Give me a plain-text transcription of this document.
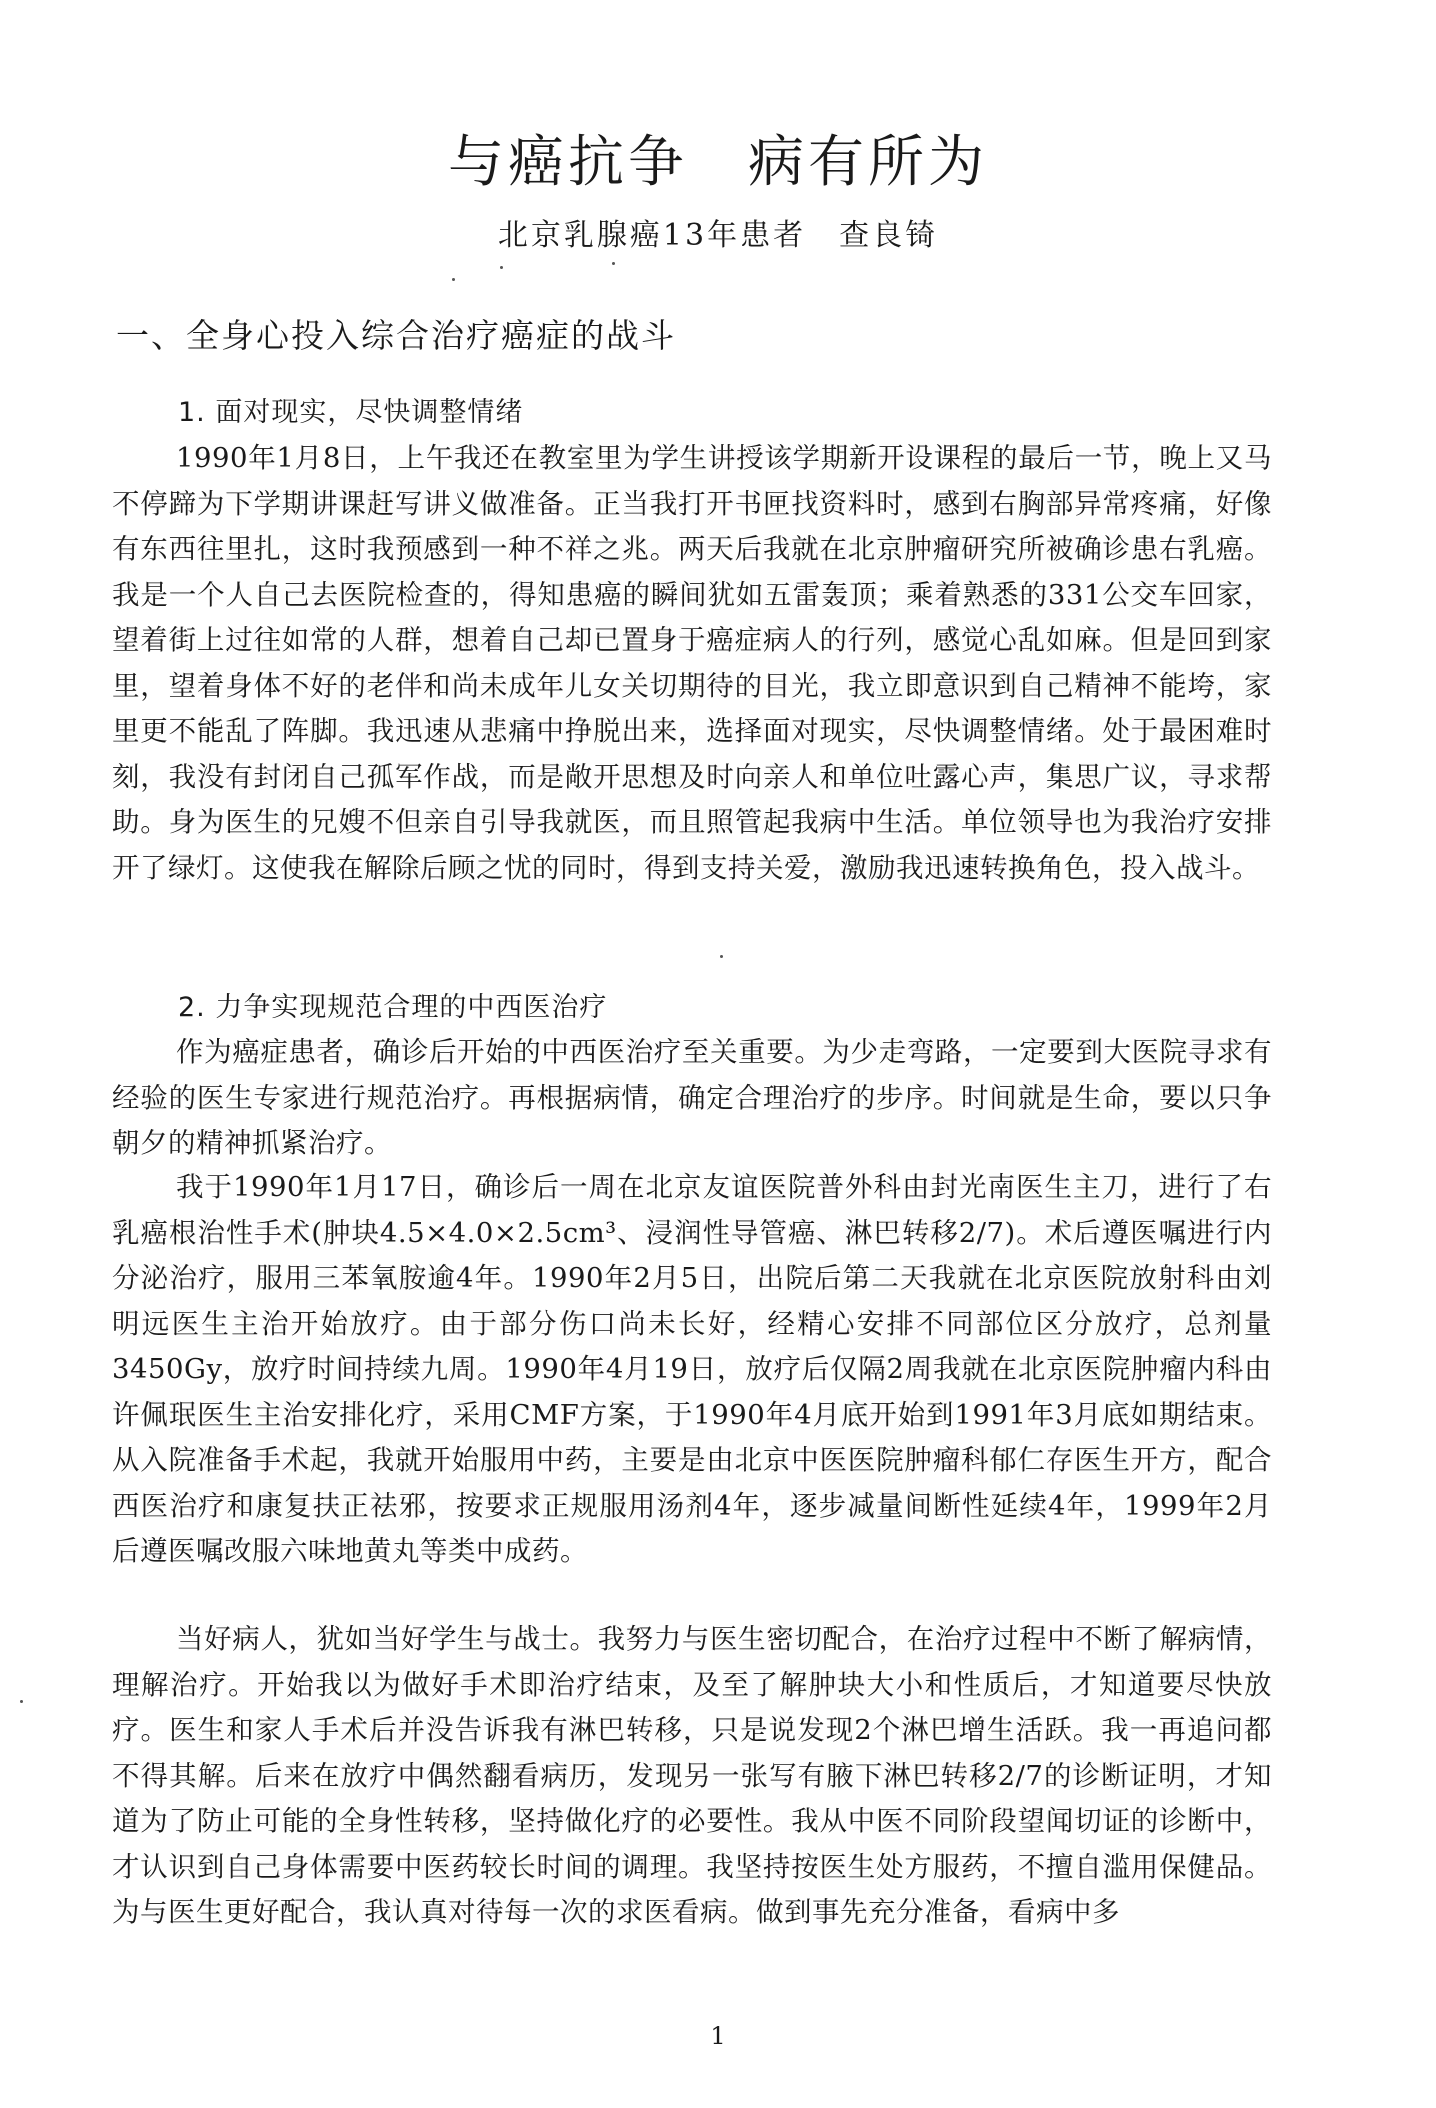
与癌抗争　病有所为
北京乳腺癌13年患者　查良锜
一、全身心投入综合治疗癌症的战斗
1. 面对现实，尽快调整情绪

1990年1月8日，上午我还在教室里为学生讲授该学期新开设课程的最后一节，晚上又马不停蹄为下学期讲课赶写讲义做准备。正当我打开书匣找资料时，感到右胸部异常疼痛，好像有东西往里扎，这时我预感到一种不祥之兆。两天后我就在北京肿瘤研究所被确诊患右乳癌。我是一个人自己去医院检查的，得知患癌的瞬间犹如五雷轰顶；乘着熟悉的331公交车回家，望着街上过往如常的人群，想着自己却已置身于癌症病人的行列，感觉心乱如麻。但是回到家里，望着身体不好的老伴和尚未成年儿女关切期待的目光，我立即意识到自己精神不能垮，家里更不能乱了阵脚。我迅速从悲痛中挣脱出来，选择面对现实，尽快调整情绪。处于最困难时刻，我没有封闭自己孤军作战，而是敞开思想及时向亲人和单位吐露心声，集思广议，寻求帮助。身为医生的兄嫂不但亲自引导我就医，而且照管起我病中生活。单位领导也为我治疗安排开了绿灯。这使我在解除后顾之忧的同时，得到支持关爱，激励我迅速转换角色，投入战斗。

2. 力争实现规范合理的中西医治疗

作为癌症患者，确诊后开始的中西医治疗至关重要。为少走弯路，一定要到大医院寻求有经验的医生专家进行规范治疗。再根据病情，确定合理治疗的步序。时间就是生命，要以只争朝夕的精神抓紧治疗。

我于1990年1月17日，确诊后一周在北京友谊医院普外科由封光南医生主刀，进行了右乳癌根治性手术(肿块4.5×4.0×2.5cm³、浸润性导管癌、淋巴转移2/7)。术后遵医嘱进行内分泌治疗，服用三苯氧胺逾4年。1990年2月5日，出院后第二天我就在北京医院放射科由刘明远医生主治开始放疗。由于部分伤口尚未长好，经精心安排不同部位区分放疗，总剂量3450Gy，放疗时间持续九周。1990年4月19日，放疗后仅隔2周我就在北京医院肿瘤内科由许佩珉医生主治安排化疗，采用CMF方案，于1990年4月底开始到1991年3月底如期结束。从入院准备手术起，我就开始服用中药，主要是由北京中医医院肿瘤科郁仁存医生开方，配合西医治疗和康复扶正祛邪，按要求正规服用汤剂4年，逐步减量间断性延续4年，1999年2月后遵医嘱改服六味地黄丸等类中成药。

当好病人，犹如当好学生与战士。我努力与医生密切配合，在治疗过程中不断了解病情，理解治疗。开始我以为做好手术即治疗结束，及至了解肿块大小和性质后，才知道要尽快放疗。医生和家人手术后并没告诉我有淋巴转移，只是说发现2个淋巴增生活跃。我一再追问都不得其解。后来在放疗中偶然翻看病历，发现另一张写有腋下淋巴转移2/7的诊断证明，才知道为了防止可能的全身性转移，坚持做化疗的必要性。我从中医不同阶段望闻切证的诊断中，才认识到自己身体需要中医药较长时间的调理。我坚持按医生处方服药，不擅自滥用保健品。为与医生更好配合，我认真对待每一次的求医看病。做到事先充分准备，看病中多

1
